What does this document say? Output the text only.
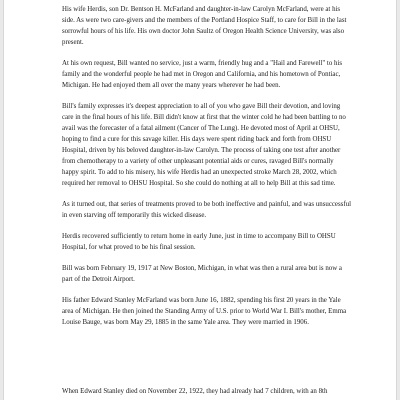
His wife Herdis, son Dr. Bentson H. McFarland and daughter-in-law Carolyn McFarland, were at his side. As were two care-givers and the members of the Portland Hospice Staff, to care for Bill in the last sorrowful hours of his life. His own doctor John Saultz of Oregon Health Science University, was also present.

At his own request, Bill wanted no service, just a warm, friendly hug and a "Hail and Farewell" to his family and the wonderful people he had met in Oregon and California, and his hometown of Pontiac, Michigan. He had enjoyed them all over the many years wherever he had been.

Bill's family expresses it's deepest appreciation to all of you who gave Bill their devotion, and loving care in the final hours of his life. Bill didn't know at first that the winter cold he had been battling to no avail was the forecaster of a fatal ailment (Cancer of The Lung). He devoted most of April at OHSU, hoping to find a cure for this savage killer. His days were spent riding back and forth from OHSU Hospital, driven by his beloved daughter-in-law Carolyn. The process of taking one test after another from chemotherapy to a variety of other unpleasant potential aids or cures, ravaged Bill's normally happy spirit. To add to his misery, his wife Herdis had an unexpected stroke March 28, 2002, which required her removal to OHSU Hospital. So she could do nothing at all to help Bill at this sad time.

As it turned out, that series of treatments proved to be both ineffective and painful, and was unsuccessful in even starving off temporarily this wicked disease.

Herdis recovered sufficiently to return home in early June, just in time to accompany Bill to OHSU Hospital, for what proved to be his final session.

Bill was born February 19, 1917 at New Boston, Michigan, in what was then a rural area but is now a part of the Detroit Airport.

His father Edward Stanley McFarland was born June 16, 1882, spending his first 20 years in the Yale area of Michigan. He then joined the Standing Army of U.S. prior to World War I. Bill's mother, Emma Louise Bauge, was born May 29, 1885 in the same Yale area. They were married in 1906.

When Edward Stanley died on November 22, 1922, they had already had 7 children, with an 8th
